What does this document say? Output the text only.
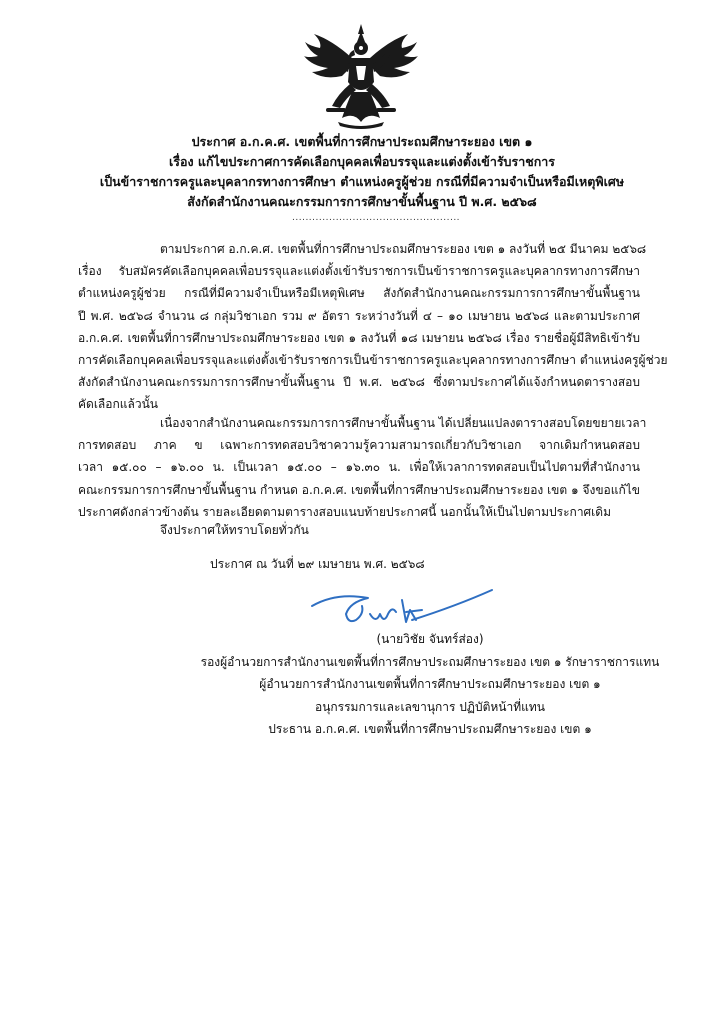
ประกาศ อ.ก.ค.ศ. เขตพื้นที่การศึกษาประถมศึกษาระยอง เขต ๑
เรื่อง แก้ไขประกาศการคัดเลือกบุคคลเพื่อบรรจุและแต่งตั้งเข้ารับราชการ
เป็นข้าราชการครูและบุคลากรทางการศึกษา ตำแหน่งครูผู้ช่วย กรณีที่มีความจำเป็นหรือมีเหตุพิเศษ
สังกัดสำนักงานคณะกรรมการการศึกษาขั้นพื้นฐาน ปี พ.ศ. ๒๕๖๘
..................................................
ตามประกาศ อ.ก.ค.ศ. เขตพื้นที่การศึกษาประถมศึกษาระยอง เขต ๑ ลงวันที่ ๒๕ มีนาคม ๒๕๖๘
เรื่อง รับสมัครคัดเลือกบุคคลเพื่อบรรจุและแต่งตั้งเข้ารับราชการเป็นข้าราชการครูและบุคลากรทางการศึกษา
ตำแหน่งครูผู้ช่วย กรณีที่มีความจำเป็นหรือมีเหตุพิเศษ สังกัดสำนักงานคณะกรรมการการศึกษาขั้นพื้นฐาน
ปี พ.ศ. ๒๕๖๘ จำนวน ๘ กลุ่มวิชาเอก รวม ๙ อัตรา ระหว่างวันที่ ๔ – ๑๐ เมษายน ๒๕๖๘ และตามประกาศ
อ.ก.ค.ศ. เขตพื้นที่การศึกษาประถมศึกษาระยอง เขต ๑ ลงวันที่ ๑๘ เมษายน ๒๕๖๘ เรื่อง รายชื่อผู้มีสิทธิเข้ารับ
การคัดเลือกบุคคลเพื่อบรรจุและแต่งตั้งเข้ารับราชการเป็นข้าราชการครูและบุคลากรทางการศึกษา ตำแหน่งครูผู้ช่วย
สังกัดสำนักงานคณะกรรมการการศึกษาขั้นพื้นฐาน ปี พ.ศ. ๒๕๖๘ ซึ่งตามประกาศได้แจ้งกำหนดตารางสอบ
คัดเลือกแล้วนั้น
เนื่องจากสำนักงานคณะกรรมการการศึกษาขั้นพื้นฐาน ได้เปลี่ยนแปลงตารางสอบโดยขยายเวลา
การทดสอบ ภาค ข เฉพาะการทดสอบวิชาความรู้ความสามารถเกี่ยวกับวิชาเอก จากเดิมกำหนดสอบ
เวลา ๑๕.๐๐ – ๑๖.๐๐ น. เป็นเวลา ๑๕.๐๐ – ๑๖.๓๐ น. เพื่อให้เวลาการทดสอบเป็นไปตามที่สำนักงาน
คณะกรรมการการศึกษาขั้นพื้นฐาน กำหนด อ.ก.ค.ศ. เขตพื้นที่การศึกษาประถมศึกษาระยอง เขต ๑ จึงขอแก้ไข
ประกาศดังกล่าวข้างต้น รายละเอียดตามตารางสอบแนบท้ายประกาศนี้ นอกนั้นให้เป็นไปตามประกาศเดิม
จึงประกาศให้ทราบโดยทั่วกัน
ประกาศ ณ วันที่ ๒๙ เมษายน พ.ศ. ๒๕๖๘
(นายวิชัย จันทร์ส่อง)
รองผู้อำนวยการสำนักงานเขตพื้นที่การศึกษาประถมศึกษาระยอง เขต ๑ รักษาราชการแทน
ผู้อำนวยการสำนักงานเขตพื้นที่การศึกษาประถมศึกษาระยอง เขต ๑
อนุกรรมการและเลขานุการ ปฏิบัติหน้าที่แทน
ประธาน อ.ก.ค.ศ. เขตพื้นที่การศึกษาประถมศึกษาระยอง เขต ๑
